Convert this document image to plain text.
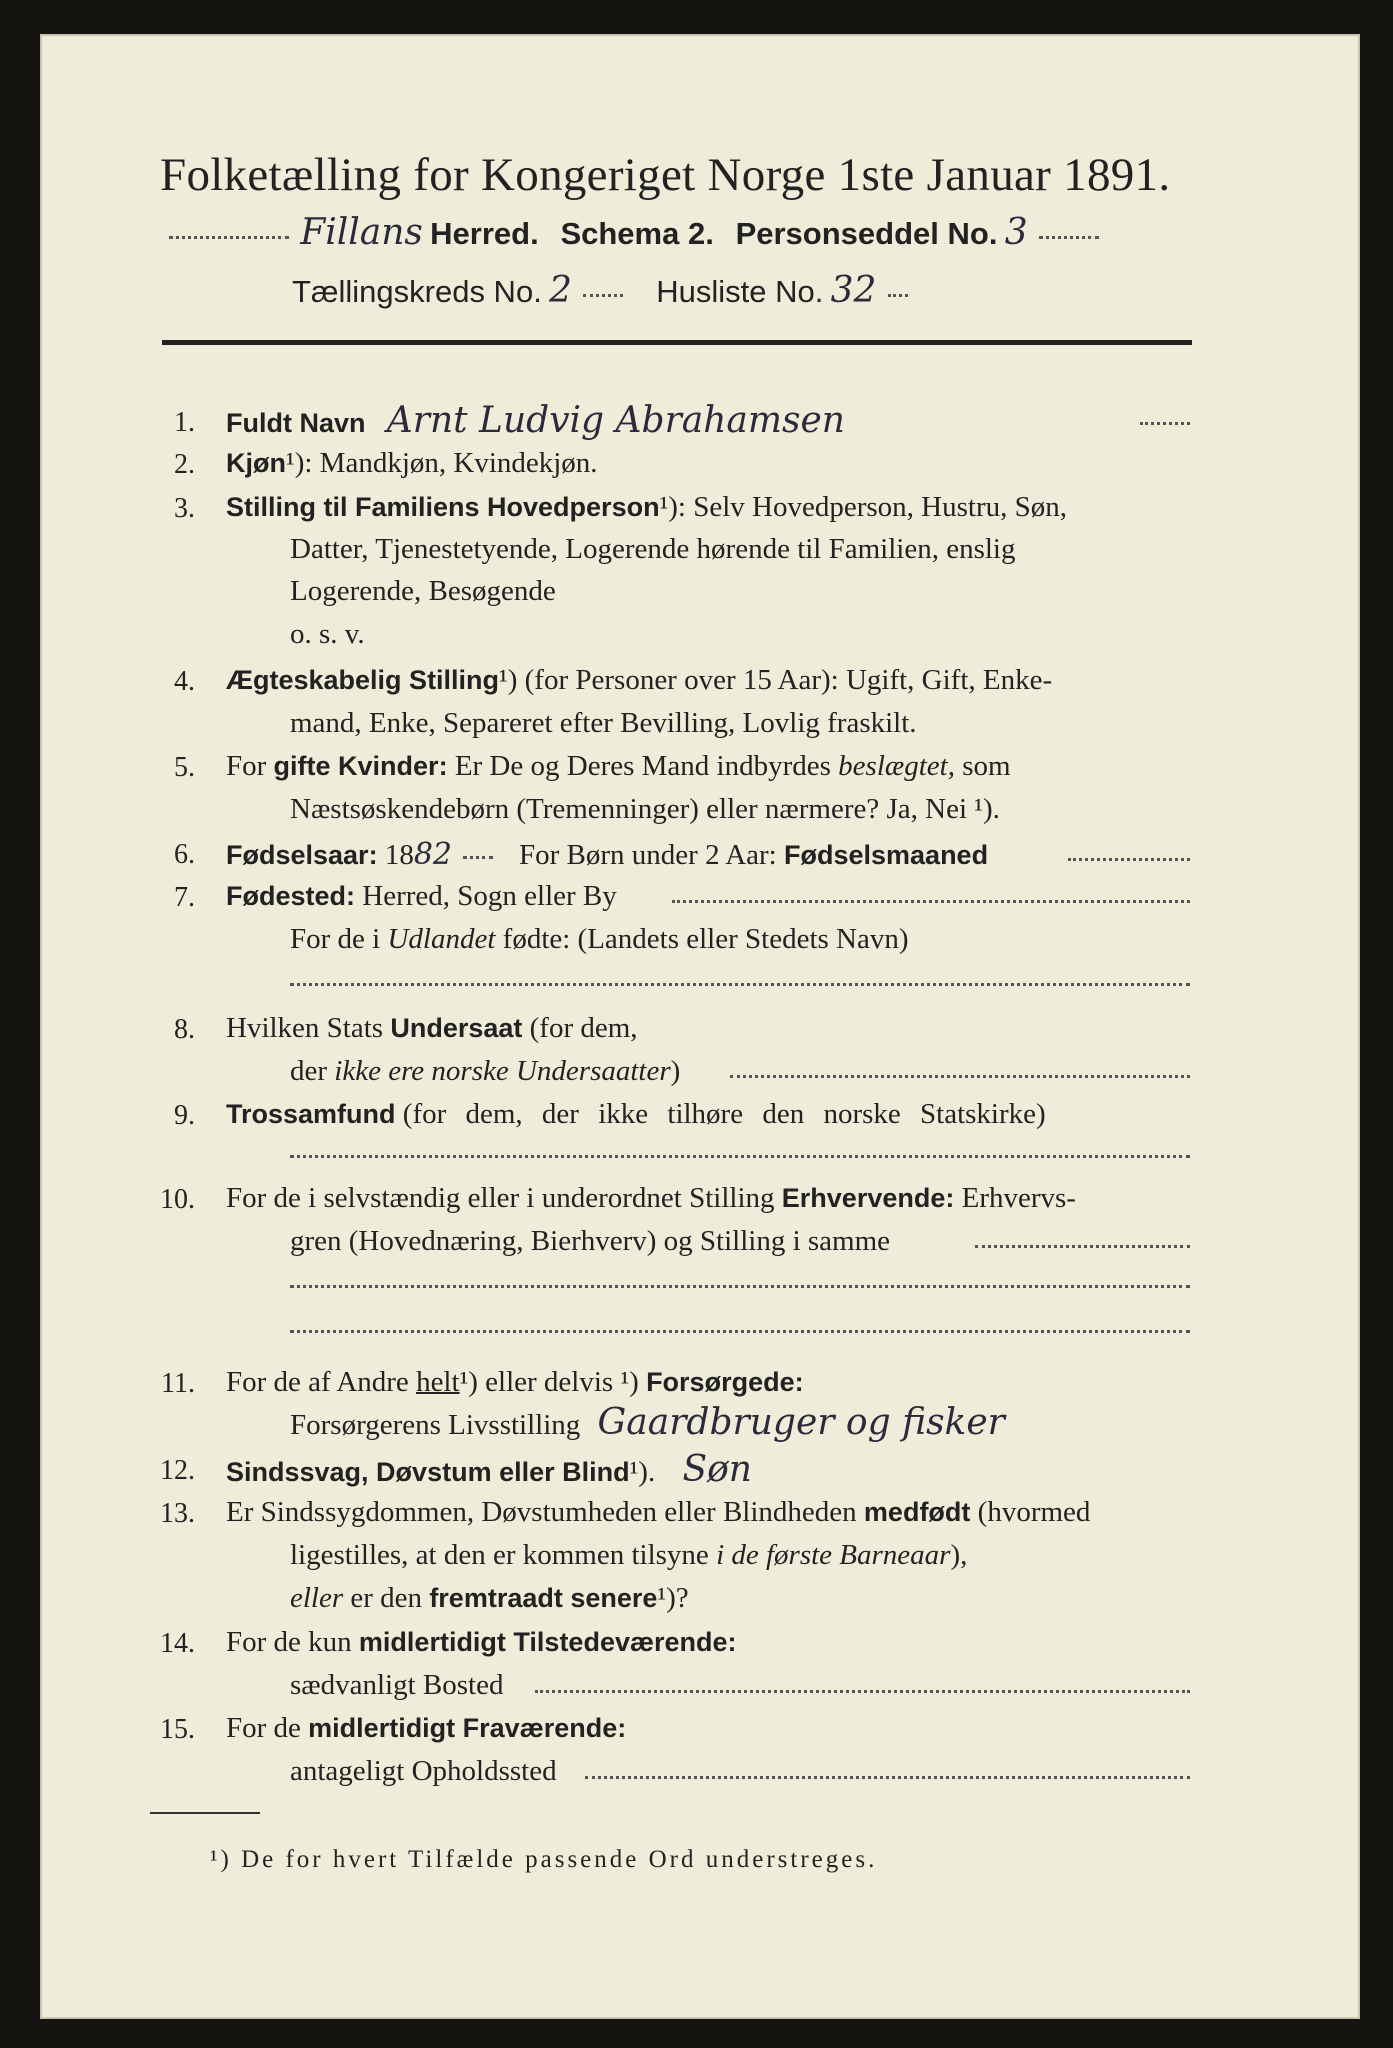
Folketælling for Kongeriget Norge 1ste Januar 1891.
Fillans Herred. Schema 2. Personseddel No. 3
Tællingskreds No. 2	Husliste No. 32
1. Fuldt Navn Arnt Ludvig Abrahamsen
2. Kjøn¹): Mandkjøn, Kvindekjøn.
3. Stilling til Familiens Hovedperson¹): Selv Hovedperson, Hustru, Søn,
Datter, Tjenestetyende, Logerende hørende til Familien, enslig
Logerende, Besøgende
o. s. v.
4. Ægteskabelig Stilling¹) (for Personer over 15 Aar): Ugift, Gift, Enke-
mand, Enke, Separeret efter Bevilling, Lovlig fraskilt.
5. For gifte Kvinder: Er De og Deres Mand indbyrdes beslægtet, som
Næstsøskendebørn (Tremenninger) eller nærmere? Ja, Nei ¹).
6. Fødselsaar: 1882 For Børn under 2 Aar: Fødselsmaaned
7. Fødested: Herred, Sogn eller By
For de i Udlandet fødte: (Landets eller Stedets Navn)
8. Hvilken Stats Undersaat (for dem,
der ikke ere norske Undersaatter)
9. Trossamfund (for dem, der ikke tilhøre den norske Statskirke)
10. For de i selvstændig eller i underordnet Stilling Erhvervende: Erhvervs-
gren (Hovednæring, Bierhverv) og Stilling i samme
11. For de af Andre helt¹) eller delvis ¹) Forsørgede:
Forsørgerens Livsstilling Gaardbruger og fisker
12. Sindssvag, Døvstum eller Blind¹). Søn
13. Er Sindssygdommen, Døvstumheden eller Blindheden medfødt (hvormed
ligestilles, at den er kommen tilsyne i de første Barneaar),
eller er den fremtraadt senere¹)?
14. For de kun midlertidigt Tilstedeværende:
sædvanligt Bosted
15. For de midlertidigt Fraværende:
antageligt Opholdssted
¹) De for hvert Tilfælde passende Ord understreges.
